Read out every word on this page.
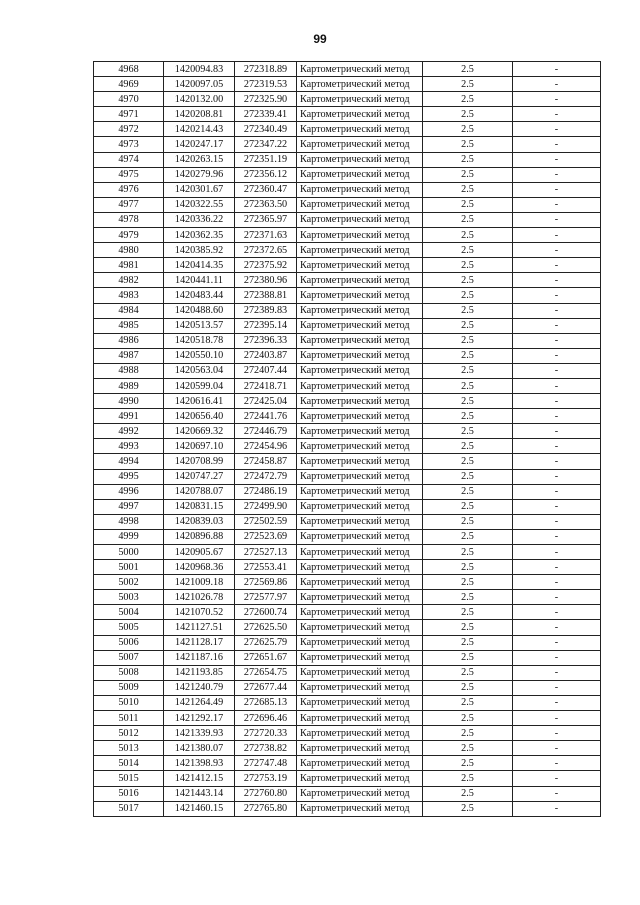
99
4968	1420094.83	272318.89	Картометрический метод	2.5	-
4969	1420097.05	272319.53	Картометрический метод	2.5	-
4970	1420132.00	272325.90	Картометрический метод	2.5	-
4971	1420208.81	272339.41	Картометрический метод	2.5	-
4972	1420214.43	272340.49	Картометрический метод	2.5	-
4973	1420247.17	272347.22	Картометрический метод	2.5	-
4974	1420263.15	272351.19	Картометрический метод	2.5	-
4975	1420279.96	272356.12	Картометрический метод	2.5	-
4976	1420301.67	272360.47	Картометрический метод	2.5	-
4977	1420322.55	272363.50	Картометрический метод	2.5	-
4978	1420336.22	272365.97	Картометрический метод	2.5	-
4979	1420362.35	272371.63	Картометрический метод	2.5	-
4980	1420385.92	272372.65	Картометрический метод	2.5	-
4981	1420414.35	272375.92	Картометрический метод	2.5	-
4982	1420441.11	272380.96	Картометрический метод	2.5	-
4983	1420483.44	272388.81	Картометрический метод	2.5	-
4984	1420488.60	272389.83	Картометрический метод	2.5	-
4985	1420513.57	272395.14	Картометрический метод	2.5	-
4986	1420518.78	272396.33	Картометрический метод	2.5	-
4987	1420550.10	272403.87	Картометрический метод	2.5	-
4988	1420563.04	272407.44	Картометрический метод	2.5	-
4989	1420599.04	272418.71	Картометрический метод	2.5	-
4990	1420616.41	272425.04	Картометрический метод	2.5	-
4991	1420656.40	272441.76	Картометрический метод	2.5	-
4992	1420669.32	272446.79	Картометрический метод	2.5	-
4993	1420697.10	272454.96	Картометрический метод	2.5	-
4994	1420708.99	272458.87	Картометрический метод	2.5	-
4995	1420747.27	272472.79	Картометрический метод	2.5	-
4996	1420788.07	272486.19	Картометрический метод	2.5	-
4997	1420831.15	272499.90	Картометрический метод	2.5	-
4998	1420839.03	272502.59	Картометрический метод	2.5	-
4999	1420896.88	272523.69	Картометрический метод	2.5	-
5000	1420905.67	272527.13	Картометрический метод	2.5	-
5001	1420968.36	272553.41	Картометрический метод	2.5	-
5002	1421009.18	272569.86	Картометрический метод	2.5	-
5003	1421026.78	272577.97	Картометрический метод	2.5	-
5004	1421070.52	272600.74	Картометрический метод	2.5	-
5005	1421127.51	272625.50	Картометрический метод	2.5	-
5006	1421128.17	272625.79	Картометрический метод	2.5	-
5007	1421187.16	272651.67	Картометрический метод	2.5	-
5008	1421193.85	272654.75	Картометрический метод	2.5	-
5009	1421240.79	272677.44	Картометрический метод	2.5	-
5010	1421264.49	272685.13	Картометрический метод	2.5	-
5011	1421292.17	272696.46	Картометрический метод	2.5	-
5012	1421339.93	272720.33	Картометрический метод	2.5	-
5013	1421380.07	272738.82	Картометрический метод	2.5	-
5014	1421398.93	272747.48	Картометрический метод	2.5	-
5015	1421412.15	272753.19	Картометрический метод	2.5	-
5016	1421443.14	272760.80	Картометрический метод	2.5	-
5017	1421460.15	272765.80	Картометрический метод	2.5	-
